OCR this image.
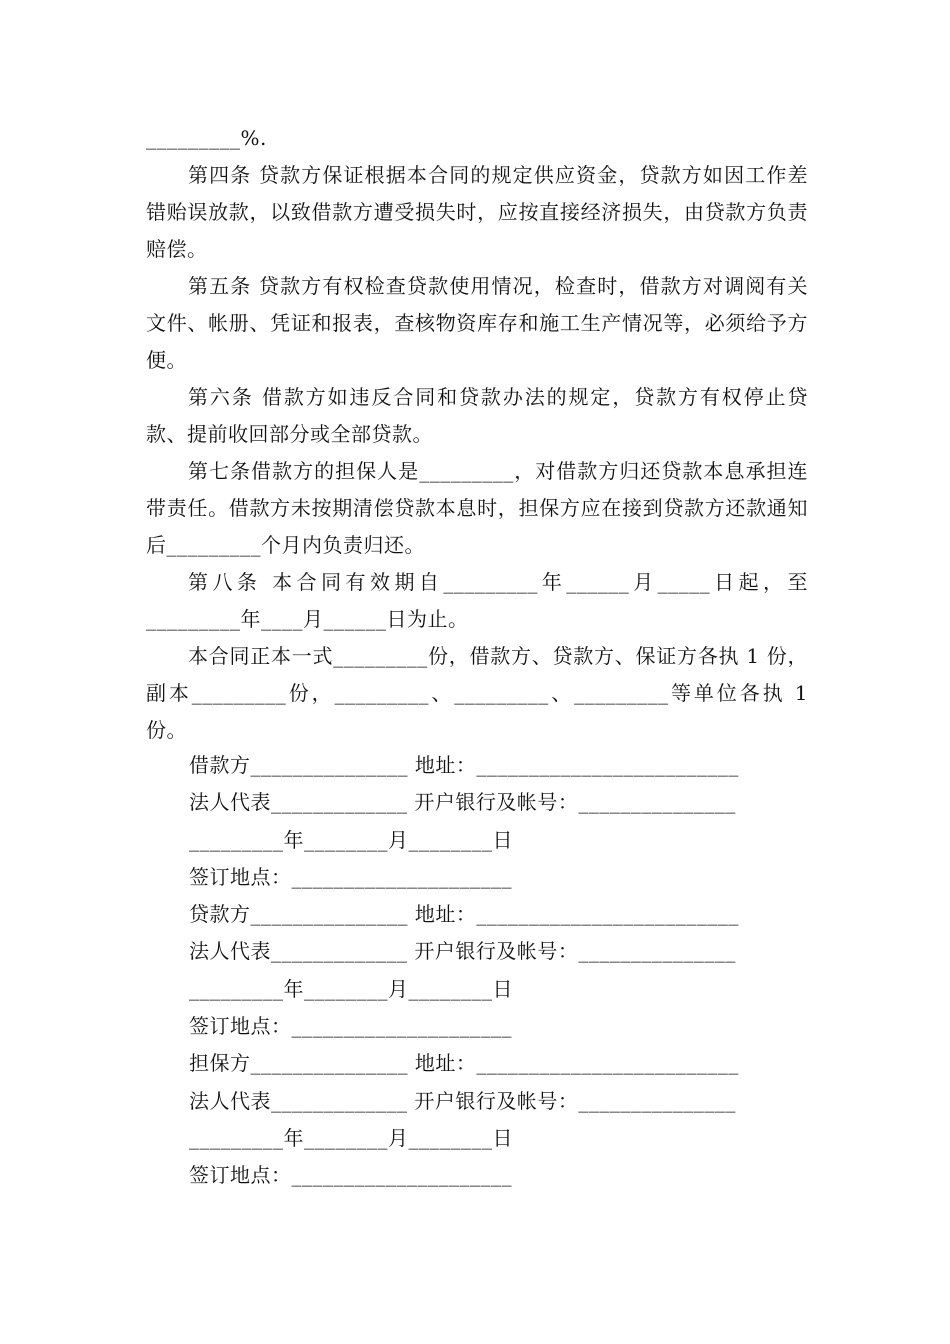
_________%.

第四条 贷款方保证根据本合同的规定供应资金，贷款方如因工作差错贻误放款，以致借款方遭受损失时，应按直接经济损失，由贷款方负责赔偿。

第五条 贷款方有权检查贷款使用情况，检查时，借款方对调阅有关文件、帐册、凭证和报表，查核物资库存和施工生产情况等，必须给予方便。

第六条 借款方如违反合同和贷款办法的规定，贷款方有权停止贷款、提前收回部分或全部贷款。

第七条借款方的担保人是_________，对借款方归还贷款本息承担连带责任。借款方未按期清偿贷款本息时，担保方应在接到贷款方还款通知后_________个月内负责归还。

第八条 本合同有效期自_________年______月_____日起，至_________年____月______日为止。

本合同正本一式_________份，借款方、贷款方、保证方各执 1 份，副本_________份，_________、_________、_________等单位各执 1 份。

借款方_______________ 地址：_________________________

法人代表_____________ 开户银行及帐号：_______________

_________年________月________日

签订地点：_____________________

贷款方_______________ 地址：_________________________

法人代表_____________ 开户银行及帐号：_______________

_________年________月________日

签订地点：_____________________

担保方_______________ 地址：_________________________

法人代表_____________ 开户银行及帐号：_______________

_________年________月________日

签订地点：_____________________
